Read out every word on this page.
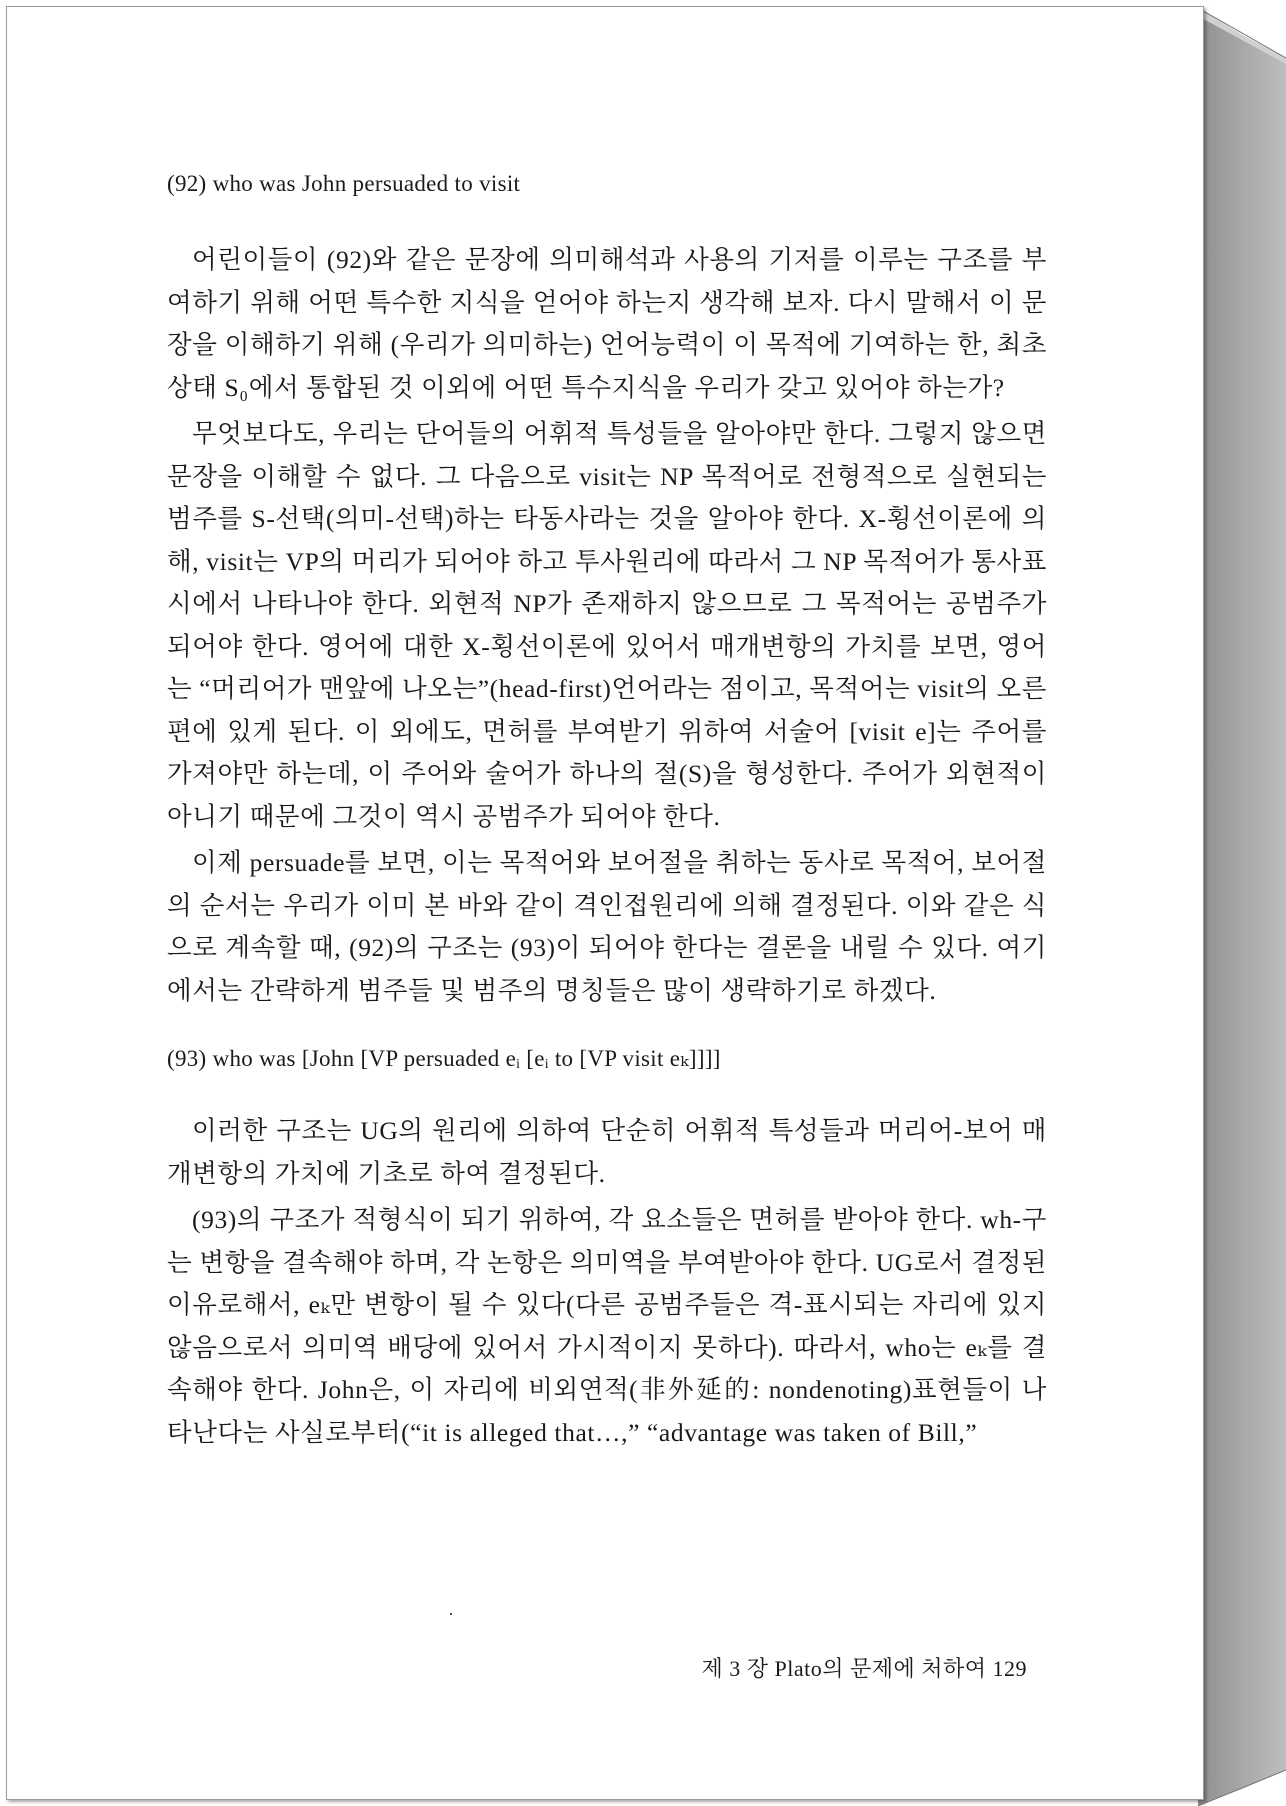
(92) who was John persuaded to visit

어린이들이 (92)와 같은 문장에 의미해석과 사용의 기저를 이루는 구조를 부여하기 위해 어떤 특수한 지식을 얻어야 하는지 생각해 보자. 다시 말해서 이 문장을 이해하기 위해 (우리가 의미하는) 언어능력이 이 목적에 기여하는 한, 최초상태 S₀에서 통합된 것 이외에 어떤 특수지식을 우리가 갖고 있어야 하는가?

무엇보다도, 우리는 단어들의 어휘적 특성들을 알아야만 한다. 그렇지 않으면 문장을 이해할 수 없다. 그 다음으로 visit는 NP 목적어로 전형적으로 실현되는 범주를 S-선택(의미-선택)하는 타동사라는 것을 알아야 한다. X-횡선이론에 의해, visit는 VP의 머리가 되어야 하고 투사원리에 따라서 그 NP 목적어가 통사표시에서 나타나야 한다. 외현적 NP가 존재하지 않으므로 그 목적어는 공범주가 되어야 한다. 영어에 대한 X-횡선이론에 있어서 매개변항의 가치를 보면, 영어는 “머리어가 맨앞에 나오는”(head-first)언어라는 점이고, 목적어는 visit의 오른편에 있게 된다. 이 외에도, 면허를 부여받기 위하여 서술어 [visit e]는 주어를 가져야만 하는데, 이 주어와 술어가 하나의 절(S)을 형성한다. 주어가 외현적이 아니기 때문에 그것이 역시 공범주가 되어야 한다.

이제 persuade를 보면, 이는 목적어와 보어절을 취하는 동사로 목적어, 보어절의 순서는 우리가 이미 본 바와 같이 격인접원리에 의해 결정된다. 이와 같은 식으로 계속할 때, (92)의 구조는 (93)이 되어야 한다는 결론을 내릴 수 있다. 여기에서는 간략하게 범주들 및 범주의 명칭들은 많이 생략하기로 하겠다.

(93) who was [John [VP persuaded eᵢ [eᵢ to [VP visit eₖ]]]]

이러한 구조는 UG의 원리에 의하여 단순히 어휘적 특성들과 머리어-보어 매개변항의 가치에 기초로 하여 결정된다.

(93)의 구조가 적형식이 되기 위하여, 각 요소들은 면허를 받아야 한다. wh-구는 변항을 결속해야 하며, 각 논항은 의미역을 부여받아야 한다. UG로서 결정된 이유로해서, eₖ만 변항이 될 수 있다(다른 공범주들은 격-표시되는 자리에 있지 않음으로서 의미역 배당에 있어서 가시적이지 못하다). 따라서, who는 eₖ를 결속해야 한다. John은, 이 자리에 비외연적(非外延的: nondenoting)표현들이 나타난다는 사실로부터(“it is alleged that…,” “advantage was taken of Bill,”

제 3 장 Plato의 문제에 처하여 129
